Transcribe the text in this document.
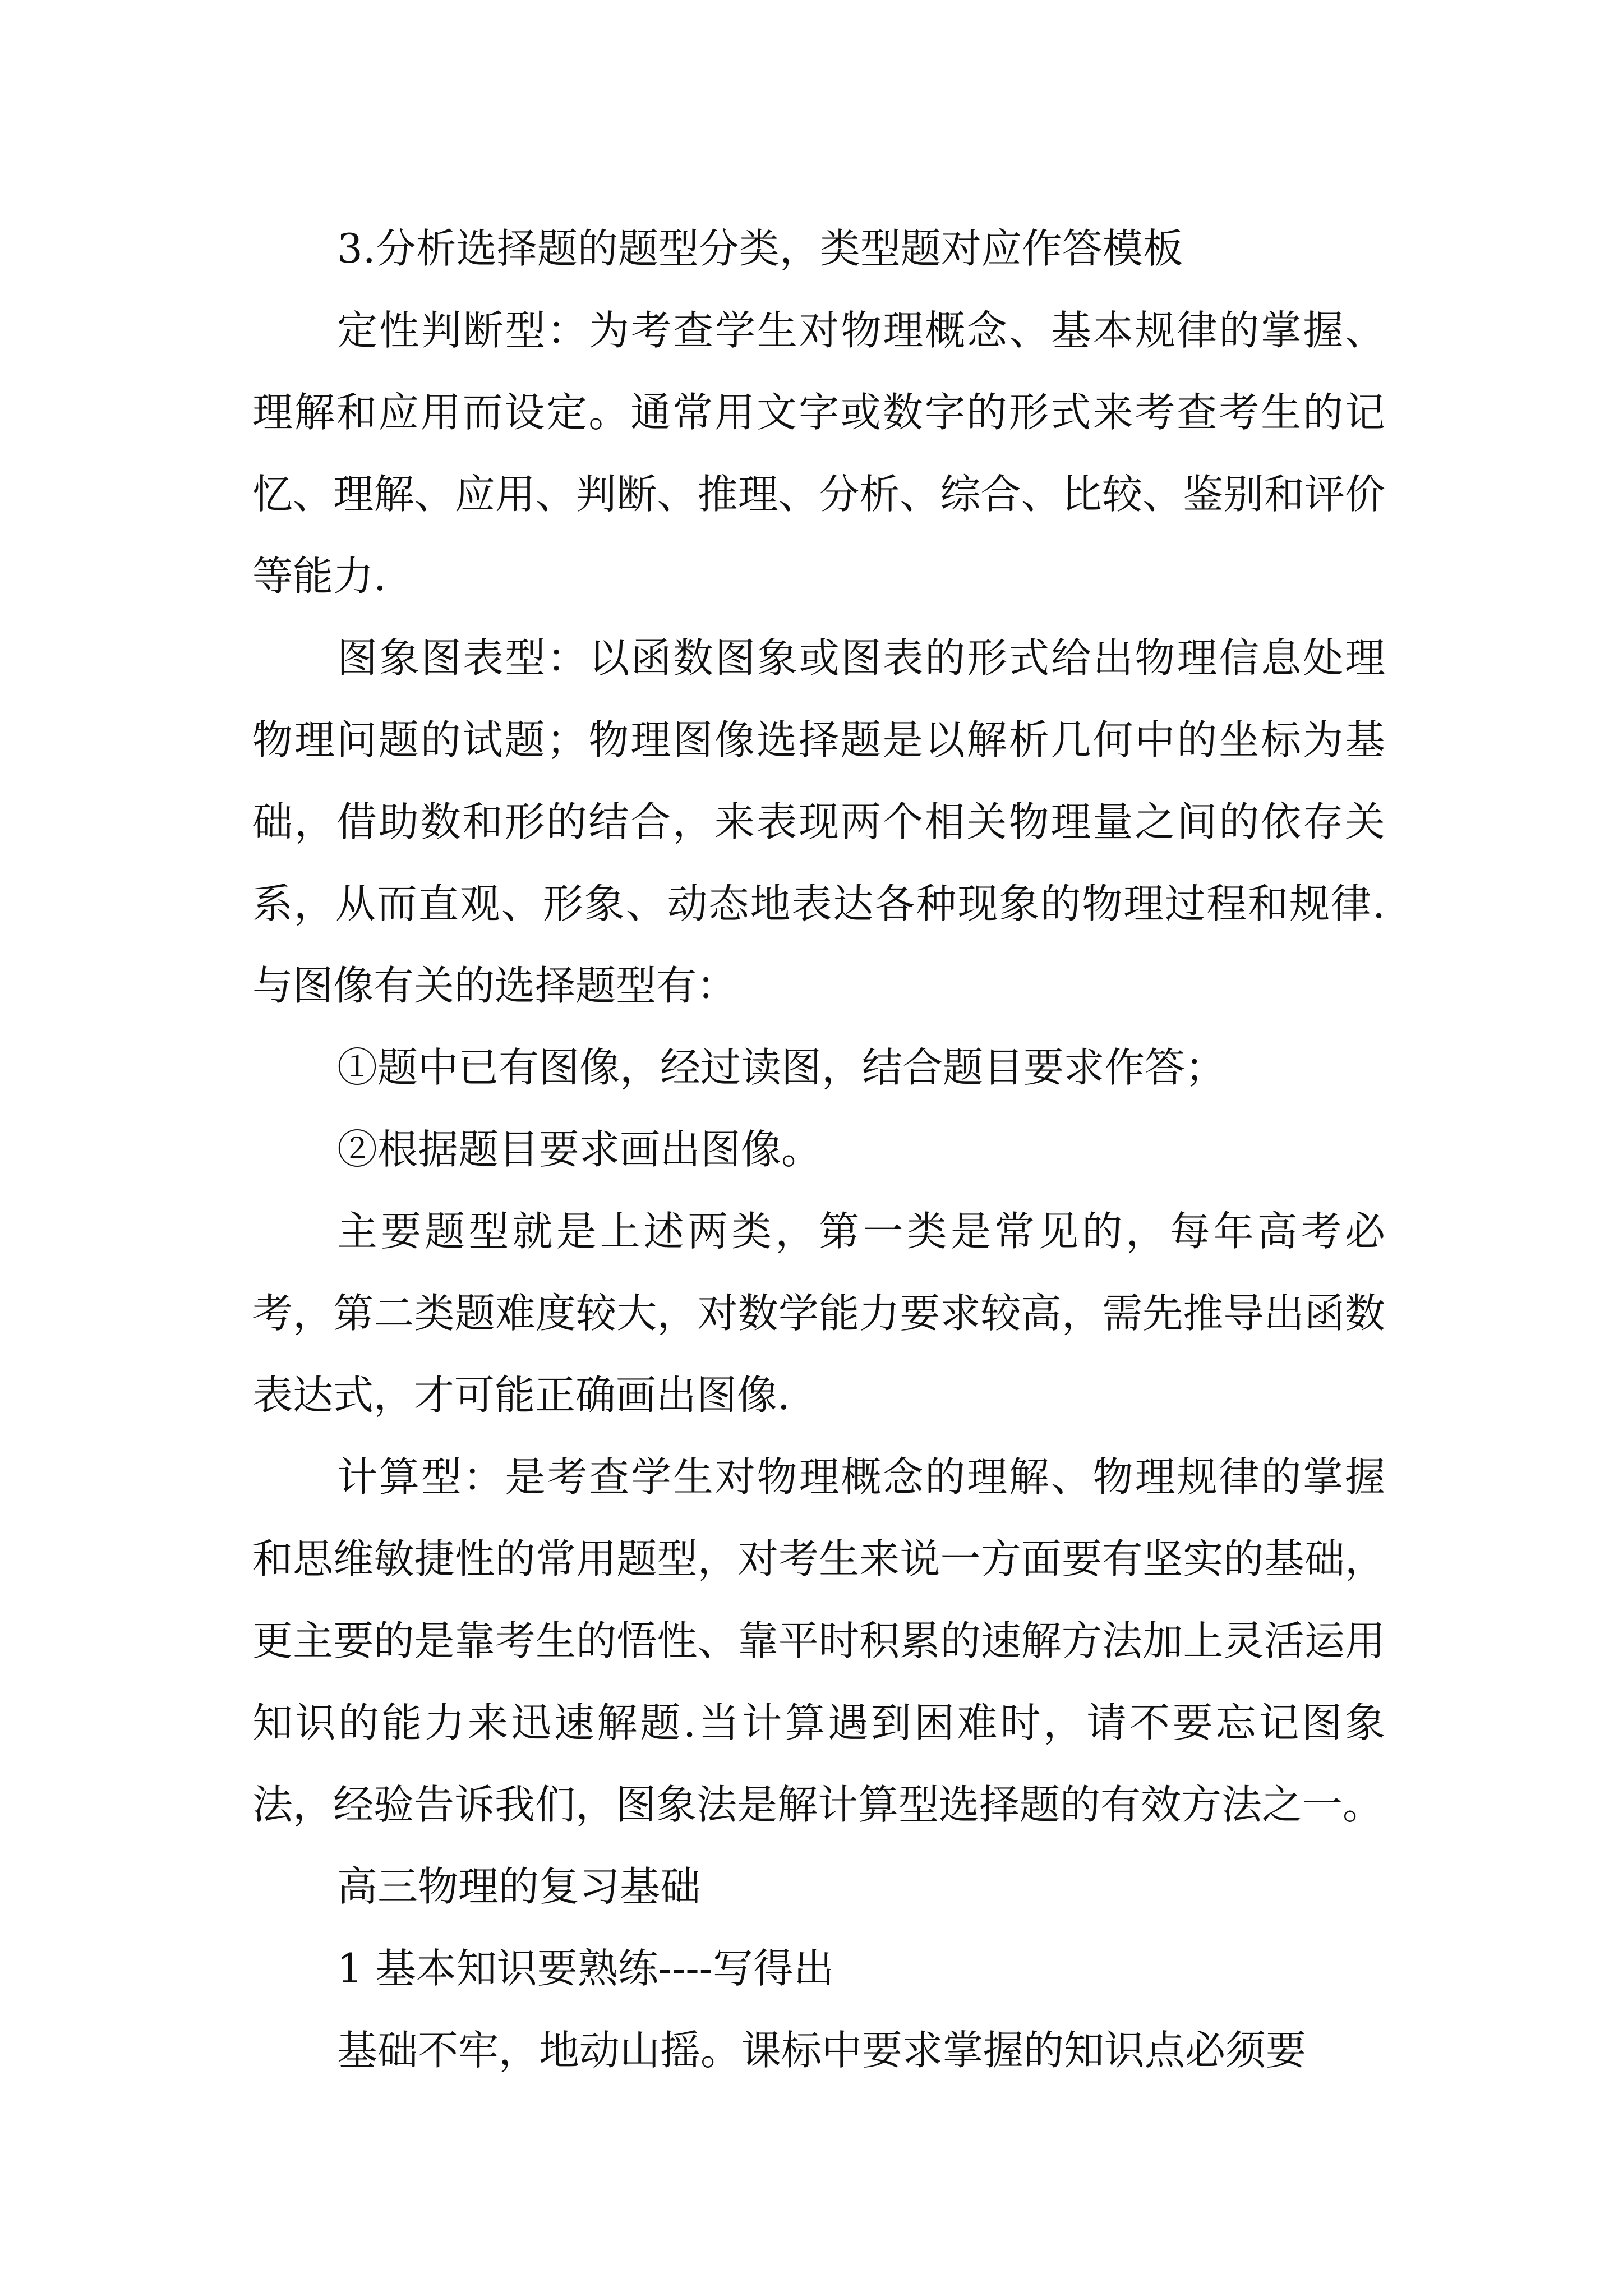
3.分析选择题的题型分类，类型题对应作答模板

定性判断型：为考查学生对物理概念、基本规律的掌握、理解和应用而设定。通常用文字或数字的形式来考查考生的记忆、理解、应用、判断、推理、分析、综合、比较、鉴别和评价等能力.

图象图表型：以函数图象或图表的形式给出物理信息处理物理问题的试题；物理图像选择题是以解析几何中的坐标为基础，借助数和形的结合，来表现两个相关物理量之间的依存关系，从而直观、形象、动态地表达各种现象的物理过程和规律.与图像有关的选择题型有：

①题中已有图像，经过读图，结合题目要求作答；

②根据题目要求画出图像。

主要题型就是上述两类，第一类是常见的，每年高考必考，第二类题难度较大，对数学能力要求较高，需先推导出函数表达式，才可能正确画出图像.

计算型：是考查学生对物理概念的理解、物理规律的掌握和思维敏捷性的常用题型，对考生来说一方面要有坚实的基础，更主要的是靠考生的悟性、靠平时积累的速解方法加上灵活运用知识的能力来迅速解题.当计算遇到困难时，请不要忘记图象法，经验告诉我们，图象法是解计算型选择题的有效方法之一。

高三物理的复习基础

1 基本知识要熟练----写得出

基础不牢，地动山摇。课标中要求掌握的知识点必须要
